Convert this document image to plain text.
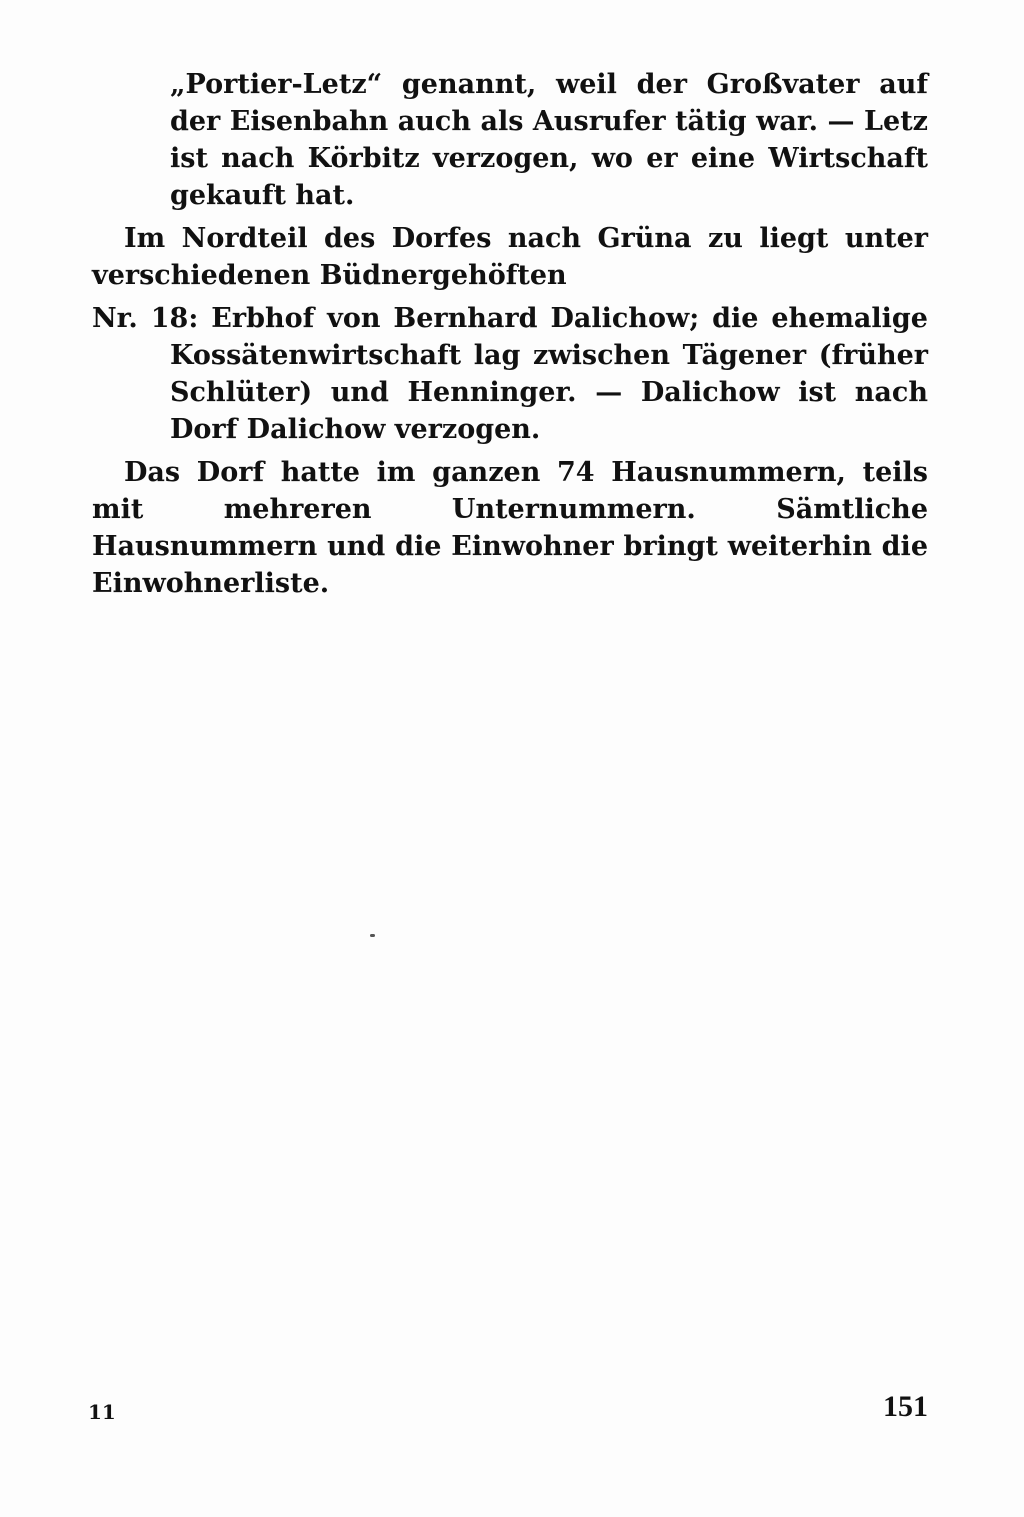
„Portier‑Letz“ genannt, weil der Großvater auf der Eisenbahn auch als Ausrufer tätig war. — Letz ist nach Körbitz verzogen, wo er eine Wirtschaft gekauft hat.

Im Nordteil des Dorfes nach Grüna zu liegt unter verschiedenen Büdnergehöften

Nr. 18: Erbhof von Bernhard Dalichow; die ehemalige Kossätenwirtschaft lag zwischen Tägener (früher Schlüter) und Henninger. — Dalichow ist nach Dorf Dalichow verzogen.

Das Dorf hatte im ganzen 74 Hausnummern, teils mit mehreren Unternummern. Sämtliche Hausnummern und die Einwohner bringt weiterhin die Einwohnerliste.

11	151
